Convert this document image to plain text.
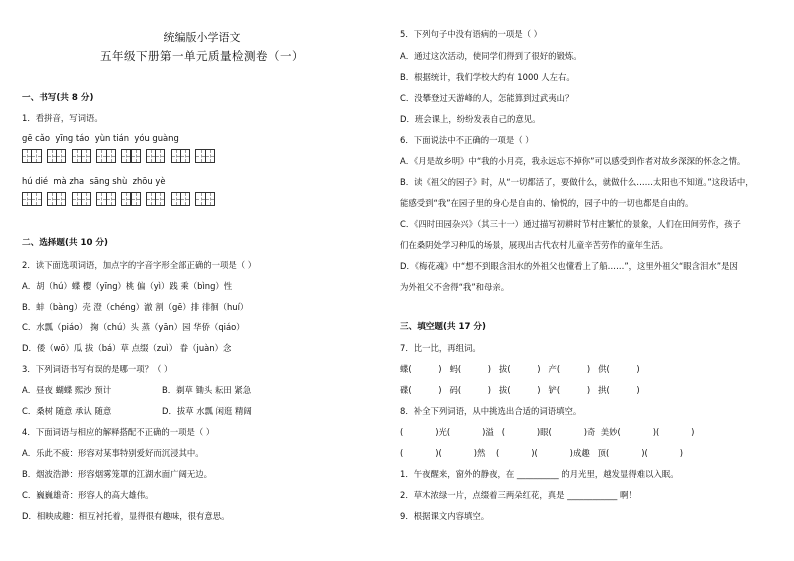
统编版小学语文
五年级下册第一单元质量检测卷（一）
一、书写(共 8 分)
1．看拼音，写词语。
gē cǎo  yīng táo  yùn tián  yóu guàng
hú dié  mà zha  sāng shù  zhōu yè
二、选择题(共 10 分)
2．读下面选项词语，加点字的字音字形全部正确的一项是（ ）
A．胡（hú）蝶 樱（yīng）桃 偏（yì）践 乘（bìng）性
B．蚌（bàng）壳 澄（chéng）澈 割（gē）排 徘徊（huí）
C．水瓢（piáo） 掬（chú）头 蒸（yān）园 华侨（qiáo）
D．倭（wō）瓜 拔（bá）草 点缀（zuì） 眷（juàn）念
3．下列词语书写有误的是哪一项？（ ）
A．昼夜 蝴蝶 熙沙 预计	B．剃草 锄头 耘田 紧急
C．桑树 随意 承认 随意	D．拔草 水瓢 闲逛 精阔
4．下面词语与相应的解释搭配不正确的一项是（ ）
A．乐此不疲：形容对某事特别爱好而沉浸其中。
B．烟波浩渺：形容烟雾笼罩的江湖水面广阔无边。
C．巍巍雄奇：形容人的高大雄伟。
D．相映成趣：相互衬托着，显得很有趣味，很有意思。
5．下列句子中没有语病的一项是（ ）
A．通过这次活动，使同学们得到了很好的锻炼。
B．根据统计，我们学校大约有 1000 人左右。
C．没攀登过天游峰的人，怎能算到过武夷山？
D．班会课上，纷纷发表自己的意见。
6．下面说法中不正确的一项是（ ）
A．《月是故乡明》中“我的小月亮，我永远忘不掉你”可以感受到作者对故乡深深的怀念之情。
B．读《祖父的园子》时，从“一切都活了，要做什么，就做什么……太阳也不知道。”这段话中，
能感受到“我”在园子里的身心是自由的、愉悦的，园子中的一切也都是自由的。
C．《四时田园杂兴》（其三十一）通过描写初耕时节村庄繁忙的景象，人们在田间劳作，孩子
们在桑阴处学习种瓜的场景，展现出古代农村儿童辛苦劳作的童年生活。
D．《梅花魂》中“想不到眼含泪水的外祖父也懂看上了船……”，这里外祖父“眼含泪水”是因
为外祖父不舍得“我”和母亲。
三、填空题(共 17 分)
7．比一比，再组词。
蝶(          )   蚂(          )   拔(          )   产(          )   供(          )
碟(          )   码(          )   拔(          )   铲(          )   拱(          )
8．补全下列词语，从中挑选出合适的词语填空。
(            )光(            )溢   (            )眼(            )奇  美妙(            )(            )
(            )(            )然    (            )(            )成趣   顶(            )(            )
1．午夜醒来，窗外的静夜，在 __________ 的月光里，越发显得难以入眠。
2．草木浓绿一片，点缀着三两朵红花，真是 ____________ 啊！
9．根据课文内容填空。
